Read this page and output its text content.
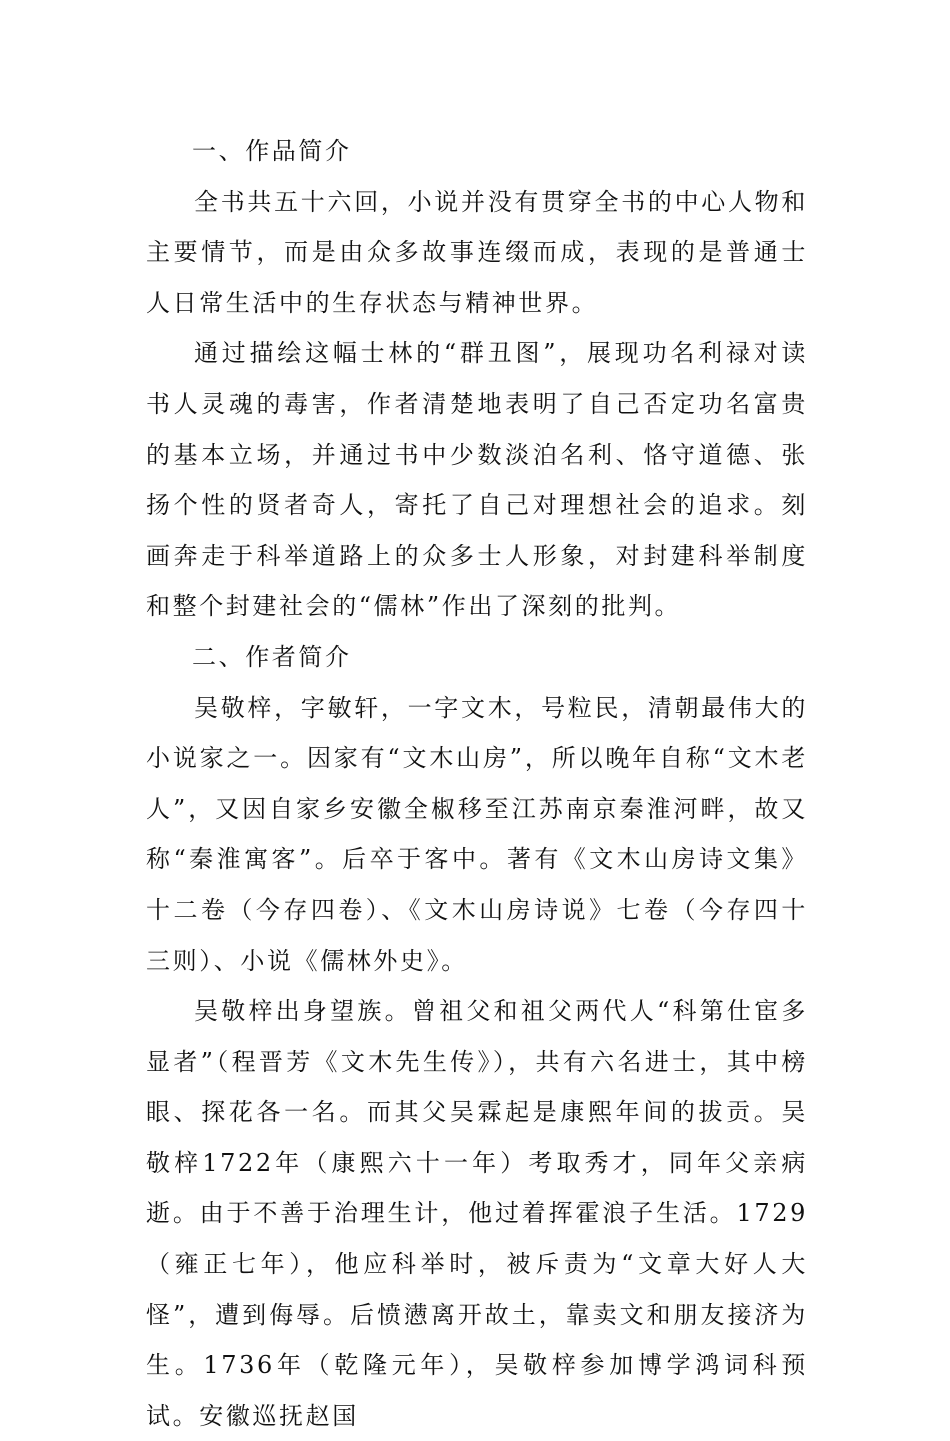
一、作品简介

全书共五十六回，小说并没有贯穿全书的中心人物和主要情节，而是由众多故事连缀而成，表现的是普通士人日常生活中的生存状态与精神世界。

通过描绘这幅士林的“群丑图”，展现功名利禄对读书人灵魂的毒害，作者清楚地表明了自己否定功名富贵的基本立场，并通过书中少数淡泊名利、恪守道德、张扬个性的贤者奇人，寄托了自己对理想社会的追求。刻画奔走于科举道路上的众多士人形象，对封建科举制度和整个封建社会的“儒林”作出了深刻的批判。

二、作者简介

吴敬梓，字敏轩，一字文木，号粒民，清朝最伟大的小说家之一。因家有“文木山房”，所以晚年自称“文木老人”，又因自家乡安徽全椒移至江苏南京秦淮河畔，故又称“秦淮寓客”。后卒于客中。著有《文木山房诗文集》十二卷（今存四卷）、《文木山房诗说》七卷（今存四十三则）、小说《儒林外史》。

吴敬梓出身望族。曾祖父和祖父两代人“科第仕宦多显者”（程晋芳《文木先生传》），共有六名进士，其中榜眼、探花各一名。而其父吴霖起是康熙年间的拔贡。吴敬梓1722年（康熙六十一年）考取秀才，同年父亲病逝。由于不善于治理生计，他过着挥霍浪子生活。1729（雍正七年），他应科举时，被斥责为“文章大好人大怪”，遭到侮辱。后愤懑离开故土，靠卖文和朋友接济为生。1736年（乾隆元年），吴敬梓参加博学鸿词科预试。安徽巡抚赵国
